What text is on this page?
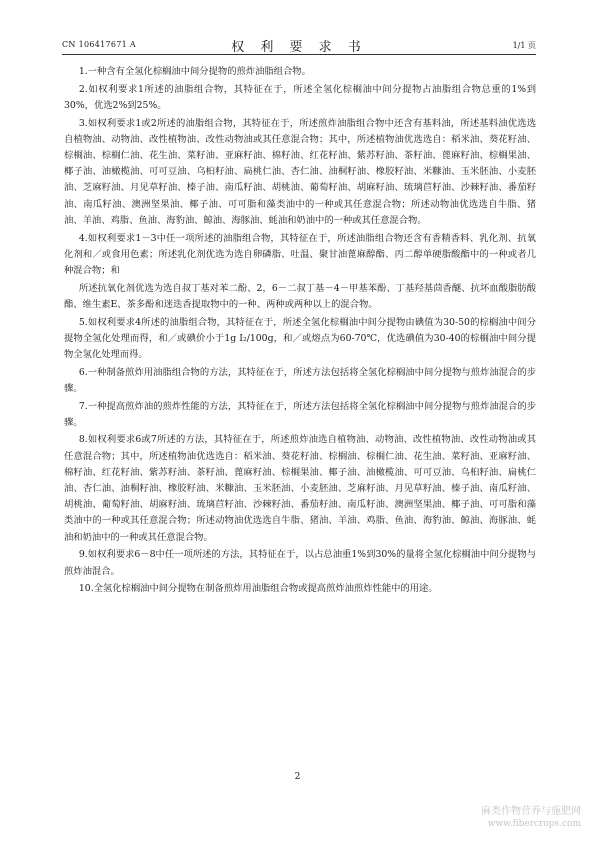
CN 106417671 A	权 利 要 求 书	1/1 页

1.一种含有全氢化棕榈油中间分提物的煎炸油脂组合物。

2.如权利要求1所述的油脂组合物，其特征在于，所述全氢化棕榈油中间分提物占油脂组合物总重的1%到30%，优选2%到25%。

3.如权利要求1或2所述的油脂组合物，其特征在于，所述煎炸油脂组合物中还含有基料油，所述基料油优选选自植物油、动物油、改性植物油、改性动物油或其任意混合物；其中，所述植物油优选选自：稻米油、葵花籽油、棕榈油、棕榈仁油、花生油、菜籽油、亚麻籽油、棉籽油、红花籽油、紫苏籽油、茶籽油、蓖麻籽油、棕榈果油、椰子油、油橄榄油、可可豆油、乌桕籽油、扁桃仁油、杏仁油、油桐籽油、橡胶籽油、米糠油、玉米胚油、小麦胚油、芝麻籽油、月见草籽油、榛子油、南瓜籽油、胡桃油、葡萄籽油、胡麻籽油、琉璃苣籽油、沙棘籽油、番茄籽油、南瓜籽油、澳洲坚果油、椰子油、可可脂和藻类油中的一种或其任意混合物；所述动物油优选选自牛脂、猪油、羊油、鸡脂、鱼油、海豹油、鲸油、海豚油、蚝油和奶油中的一种或其任意混合物。

4.如权利要求1－3中任一项所述的油脂组合物，其特征在于，所述油脂组合物还含有香精香料、乳化剂、抗氧化剂和／或食用色素；所述乳化剂优选为选自卵磷脂、吐温、聚甘油蓖麻醇酯、丙二醇单硬脂酸酯中的一种或者几种混合物；和

所述抗氧化剂优选为选自叔丁基对苯二酚、2，6－二叔丁基－4－甲基苯酚、丁基羟基茴香醚、抗坏血酸脂肪酸酯、维生素E、茶多酚和迷迭香提取物中的一种、两种或两种以上的混合物。

5.如权利要求4所述的油脂组合物，其特征在于，所述全氢化棕榈油中间分提物由碘值为30-50的棕榈油中间分提物全氢化处理而得，和／或碘价小于1g I₂/100g，和／或熔点为60-70℃，优选碘值为30-40的棕榈油中间分提物全氢化处理而得。

6.一种制备煎炸用油脂组合物的方法，其特征在于，所述方法包括将全氢化棕榈油中间分提物与煎炸油混合的步骤。

7.一种提高煎炸油的煎炸性能的方法，其特征在于，所述方法包括将全氢化棕榈油中间分提物与煎炸油混合的步骤。

8.如权利要求6或7所述的方法，其特征在于，所述煎炸油选自植物油、动物油、改性植物油、改性动物油或其任意混合物；其中，所述植物油优选选自：稻米油、葵花籽油、棕榈油、棕榈仁油、花生油、菜籽油、亚麻籽油、棉籽油、红花籽油、紫苏籽油、茶籽油、蓖麻籽油、棕榈果油、椰子油、油橄榄油、可可豆油、乌桕籽油、扁桃仁油、杏仁油、油桐籽油、橡胶籽油、米糠油、玉米胚油、小麦胚油、芝麻籽油、月见草籽油、榛子油、南瓜籽油、胡桃油、葡萄籽油、胡麻籽油、琉璃苣籽油、沙棘籽油、番茄籽油、南瓜籽油、澳洲坚果油、椰子油、可可脂和藻类油中的一种或其任意混合物；所述动物油优选选自牛脂、猪油、羊油、鸡脂、鱼油、海豹油、鲸油、海豚油、蚝油和奶油中的一种或其任意混合物。

9.如权利要求6－8中任一项所述的方法，其特征在于，以占总油重1%到30%的量将全氢化棕榈油中间分提物与煎炸油混合。

10.全氢化棕榈油中间分提物在制备煎炸用油脂组合物或提高煎炸油煎炸性能中的用途。

2
麻类作物营养与施肥网
www.fibercrops.com
